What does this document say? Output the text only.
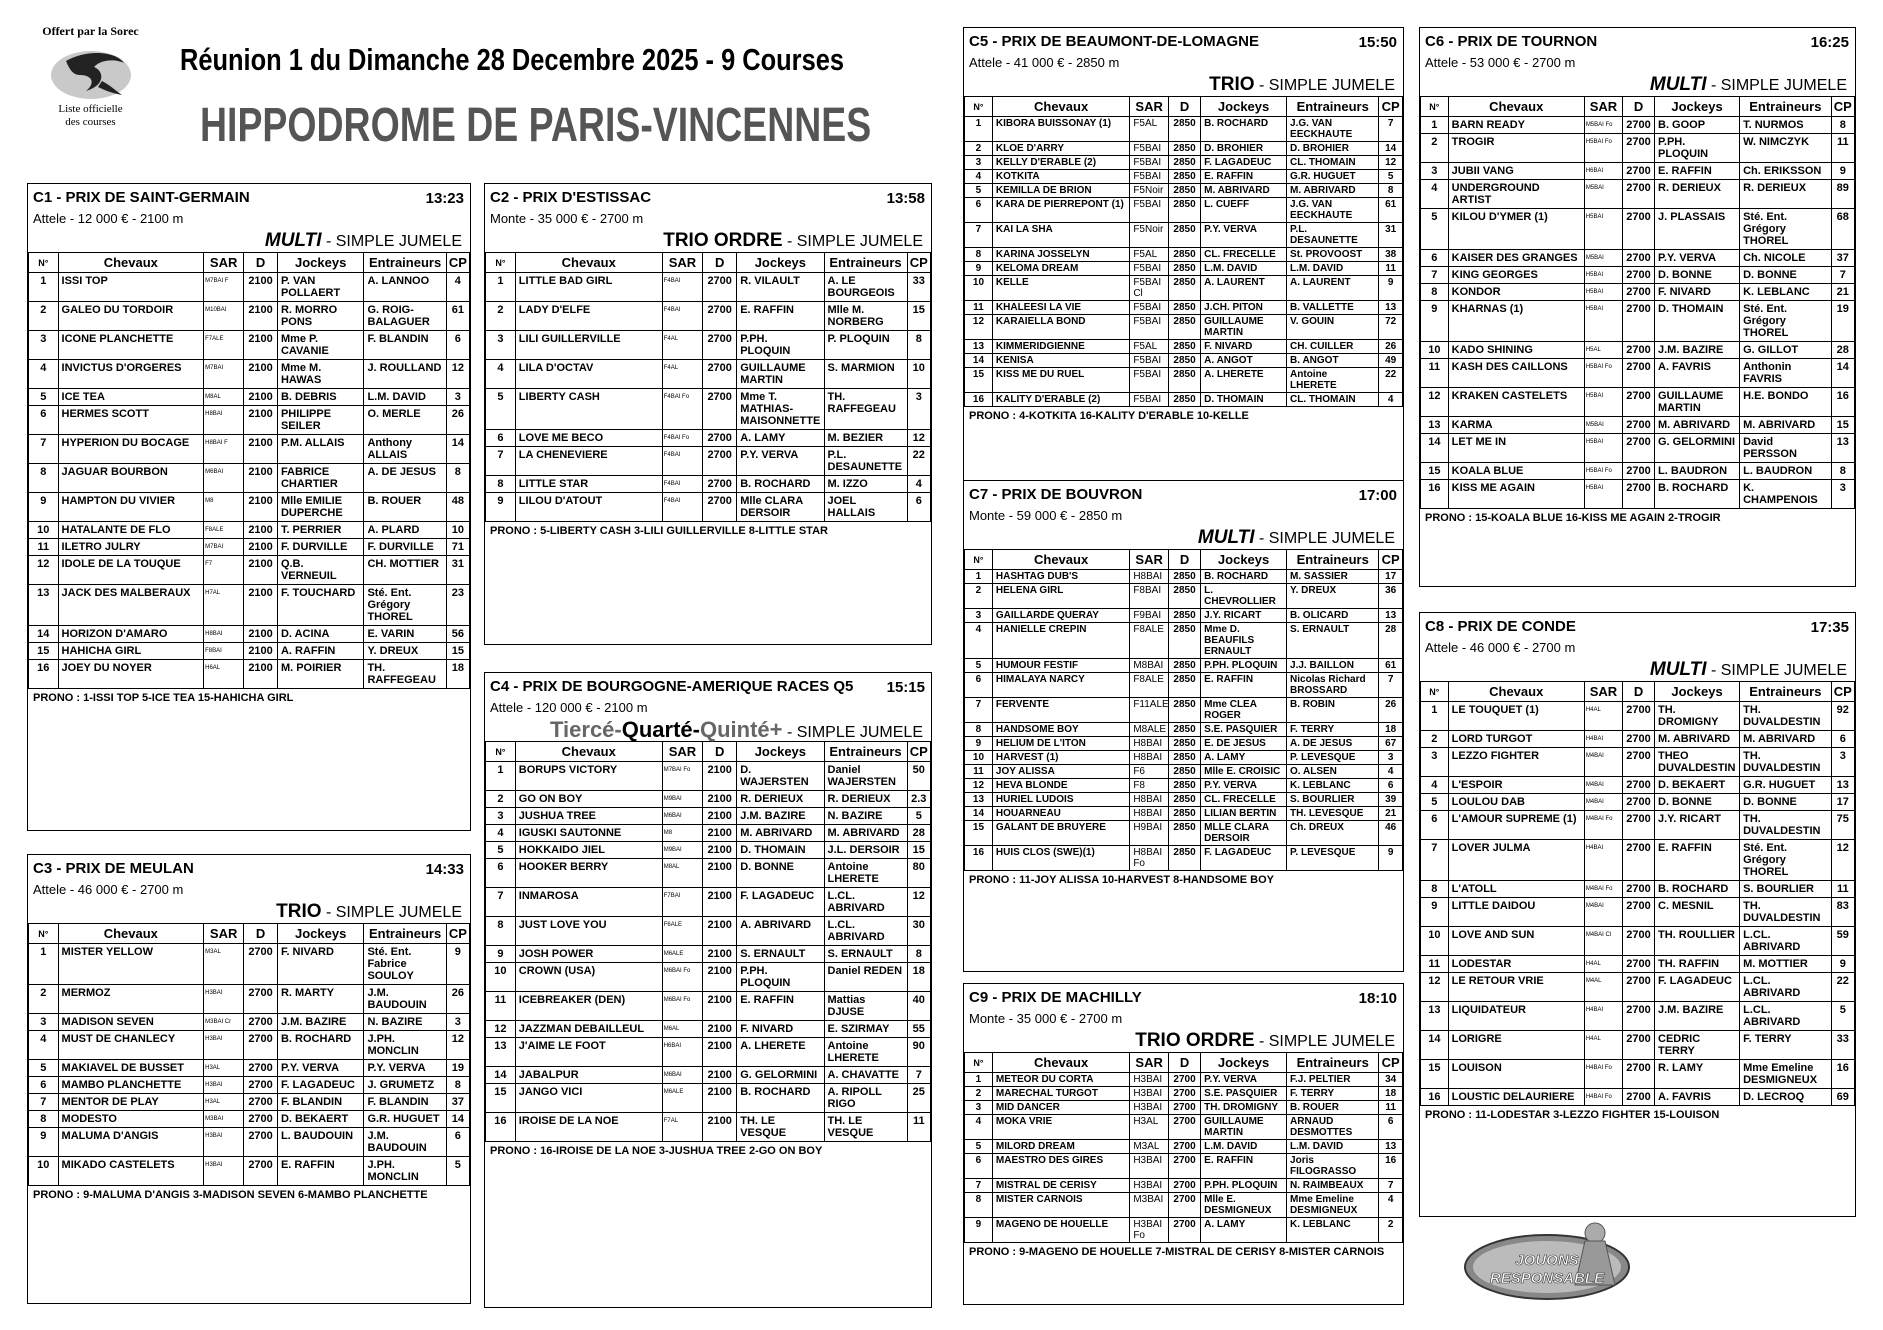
Offert par la Sorec
Liste officielle
des courses
Réunion 1 du Dimanche 28 Decembre 2025 - 9 Courses
HIPPODROME DE PARIS-VINCENNES
C1 - PRIX DE SAINT-GERMAIN	13:23
Attele - 12 000 € - 2100 m
MULTI - SIMPLE JUMELE
N°	Chevaux	SAR	D	Jockeys	Entraineurs	CP
1	ISSI TOP	M7BAI F	2100	P. VAN POLLAERT	A. LANNOO	4
2	GALEO DU TORDOIR	M10BAI	2100	R. MORRO PONS	G. ROIG-BALAGUER	61
3	ICONE PLANCHETTE	F7ALE	2100	Mme P. CAVANIE	F. BLANDIN	6
4	INVICTUS D'ORGERES	M7BAI	2100	Mme M. HAWAS	J. ROULLAND	12
5	ICE TEA	M8AL	2100	B. DEBRIS	L.M. DAVID	3
6	HERMES SCOTT	H8BAI	2100	PHILIPPE SEILER	O. MERLE	26
7	HYPERION DU BOCAGE	H8BAI F	2100	P.M. ALLAIS	Anthony ALLAIS	14
8	JAGUAR BOURBON	M6BAI	2100	FABRICE CHARTIER	A. DE JESUS	8
9	HAMPTON DU VIVIER	M8	2100	Mlle EMILIE DUPERCHE	B. ROUER	48
10	HATALANTE DE FLO	F8ALE	2100	T. PERRIER	A. PLARD	10
11	ILETRO JULRY	M7BAI	2100	F. DURVILLE	F. DURVILLE	71
12	IDOLE DE LA TOUQUE	F7	2100	Q.B. VERNEUIL	CH. MOTTIER	31
13	JACK DES MALBERAUX	H7AL	2100	F. TOUCHARD	Sté. Ent. Grégory THOREL	23
14	HORIZON D'AMARO	H8BAI	2100	D. ACINA	E. VARIN	56
15	HAHICHA GIRL	F8BAI	2100	A. RAFFIN	Y. DREUX	15
16	JOEY DU NOYER	H6AL	2100	M. POIRIER	TH. RAFFEGEAU	18
PRONO : 1-ISSI TOP 5-ICE TEA 15-HAHICHA GIRL
C2 - PRIX D'ESTISSAC	13:58
Monte - 35 000 € - 2700 m
TRIO ORDRE - SIMPLE JUMELE
N°	Chevaux	SAR	D	Jockeys	Entraineurs	CP
1	LITTLE BAD GIRL	F4BAI	2700	R. VILAULT	A. LE BOURGEOIS	33
2	LADY D'ELFE	F4BAI	2700	E. RAFFIN	Mlle M. NORBERG	15
3	LILI GUILLERVILLE	F4AL	2700	P.PH. PLOQUIN	P. PLOQUIN	8
4	LILA D'OCTAV	F4AL	2700	GUILLAUME MARTIN	S. MARMION	10
5	LIBERTY CASH	F4BAI Fo	2700	Mme T. MATHIAS-MAISONNETTE	TH. RAFFEGEAU	3
6	LOVE ME BECO	F4BAI Fo	2700	A. LAMY	M. BEZIER	12
7	LA CHENEVIERE	F4BAI	2700	P.Y. VERVA	P.L. DESAUNETTE	22
8	LITTLE STAR	F4BAI	2700	B. ROCHARD	M. IZZO	4
9	LILOU D'ATOUT	F4BAI	2700	Mlle CLARA DERSOIR	JOEL HALLAIS	6
PRONO : 5-LIBERTY CASH 3-LILI GUILLERVILLE 8-LITTLE STAR
C3 - PRIX DE MEULAN	14:33
Attele - 46 000 € - 2700 m
TRIO - SIMPLE JUMELE
N°	Chevaux	SAR	D	Jockeys	Entraineurs	CP
1	MISTER YELLOW	M3AL	2700	F. NIVARD	Sté. Ent. Fabrice SOULOY	9
2	MERMOZ	H3BAI	2700	R. MARTY	J.M. BAUDOUIN	26
3	MADISON SEVEN	M3BAI Cr	2700	J.M. BAZIRE	N. BAZIRE	3
4	MUST DE CHANLECY	H3BAI	2700	B. ROCHARD	J.PH. MONCLIN	12
5	MAKIAVEL DE BUSSET	H3AL	2700	P.Y. VERVA	P.Y. VERVA	19
6	MAMBO PLANCHETTE	H3BAI	2700	F. LAGADEUC	J. GRUMETZ	8
7	MENTOR DE PLAY	H3AL	2700	F. BLANDIN	F. BLANDIN	37
8	MODESTO	M3BAI	2700	D. BEKAERT	G.R. HUGUET	14
9	MALUMA D'ANGIS	H3BAI	2700	L. BAUDOUIN	J.M. BAUDOUIN	6
10	MIKADO CASTELETS	H3BAI	2700	E. RAFFIN	J.PH. MONCLIN	5
PRONO : 9-MALUMA D'ANGIS 3-MADISON SEVEN 6-MAMBO PLANCHETTE
C4 - PRIX DE BOURGOGNE-AMERIQUE RACES Q5 15:15
Attele - 120 000 € - 2100 m
Tiercé-Quarté-Quinté+ - SIMPLE JUMELE
N°	Chevaux	SAR	D	Jockeys	Entraineurs	CP
1	BORUPS VICTORY	M7BAI Fo	2100	D. WAJERSTEN	Daniel WAJERSTEN	50
2	GO ON BOY	M9BAI	2100	R. DERIEUX	R. DERIEUX	2.3
3	JUSHUA TREE	M6BAI	2100	J.M. BAZIRE	N. BAZIRE	5
4	IGUSKI SAUTONNE	M8	2100	M. ABRIVARD	M. ABRIVARD	28
5	HOKKAIDO JIEL	M9BAI	2100	D. THOMAIN	J.L. DERSOIR	15
6	HOOKER BERRY	M8AL	2100	D. BONNE	Antoine LHERETE	80
7	INMAROSA	F7BAI	2100	F. LAGADEUC	L.CL. ABRIVARD	12
8	JUST LOVE YOU	F6ALE	2100	A. ABRIVARD	L.CL. ABRIVARD	30
9	JOSH POWER	M6ALE	2100	S. ERNAULT	S. ERNAULT	8
10	CROWN (USA)	M6BAI Fo	2100	P.PH. PLOQUIN	Daniel REDEN	18
11	ICEBREAKER (DEN)	M6BAI Fo	2100	E. RAFFIN	Mattias DJUSE	40
12	JAZZMAN DEBAILLEUL	M6AL	2100	F. NIVARD	E. SZIRMAY	55
13	J'AIME LE FOOT	H6BAI	2100	A. LHERETE	Antoine LHERETE	90
14	JABALPUR	M6BAI	2100	G. GELORMINI	A. CHAVATTE	7
15	JANGO VICI	M6ALE	2100	B. ROCHARD	A. RIPOLL RIGO	25
16	IROISE DE LA NOE	F7AL	2100	TH. LE VESQUE	TH. LE VESQUE	11
PRONO : 16-IROISE DE LA NOE 3-JUSHUA TREE 2-GO ON BOY
C5 - PRIX DE BEAUMONT-DE-LOMAGNE	15:50
Attele - 41 000 € - 2850 m
TRIO - SIMPLE JUMELE
N°	Chevaux	SAR	D	Jockeys	Entraineurs	CP
1	KIBORA BUISSONAY (1)	F5AL	2850	B. ROCHARD	J.G. VAN EECKHAUTE	7
2	KLOE D'ARRY	F5BAI	2850	D. BROHIER	D. BROHIER	14
3	KELLY D'ERABLE (2)	F5BAI	2850	F. LAGADEUC	CL. THOMAIN	12
4	KOTKITA	F5BAI	2850	E. RAFFIN	G.R. HUGUET	5
5	KEMILLA DE BRION	F5Noir	2850	M. ABRIVARD	M. ABRIVARD	8
6	KARA DE PIERREPONT (1)	F5BAI	2850	L. CUEFF	J.G. VAN EECKHAUTE	61
7	KAI LA SHA	F5Noir	2850	P.Y. VERVA	P.L. DESAUNETTE	31
8	KARINA JOSSELYN	F5AL	2850	CL. FRECELLE	St. PROVOOST	38
9	KELOMA DREAM	F5BAI	2850	L.M. DAVID	L.M. DAVID	11
10	KELLE	F5BAI Cl	2850	A. LAURENT	A. LAURENT	9
11	KHALEESI LA VIE	F5BAI	2850	J.CH. PITON	B. VALLETTE	13
12	KARAIELLA BOND	F5BAI	2850	GUILLAUME MARTIN	V. GOUIN	72
13	KIMMERIDGIENNE	F5AL	2850	F. NIVARD	CH. CUILLER	26
14	KENISA	F5BAI	2850	A. ANGOT	B. ANGOT	49
15	KISS ME DU RUEL	F5BAI	2850	A. LHERETE	Antoine LHERETE	22
16	KALITY D'ERABLE (2)	F5BAI	2850	D. THOMAIN	CL. THOMAIN	4
PRONO : 4-KOTKITA 16-KALITY D'ERABLE 10-KELLE
C6 - PRIX DE TOURNON	16:25
Attele - 53 000 € - 2700 m
MULTI - SIMPLE JUMELE
N°	Chevaux	SAR	D	Jockeys	Entraineurs	CP
1	BARN READY	M5BAI Fo	2700	B. GOOP	T. NURMOS	8
2	TROGIR	H5BAI Fo	2700	P.PH. PLOQUIN	W. NIMCZYK	11
3	JUBII VANG	H6BAI	2700	E. RAFFIN	Ch. ERIKSSON	9
4	UNDERGROUND ARTIST	M5BAI	2700	R. DERIEUX	R. DERIEUX	89
5	KILOU D'YMER (1)	H5BAI	2700	J. PLASSAIS	Sté. Ent. Grégory THOREL	68
6	KAISER DES GRANGES	M5BAI	2700	P.Y. VERVA	Ch. NICOLE	37
7	KING GEORGES	H5BAI	2700	D. BONNE	D. BONNE	7
8	KONDOR	H5BAI	2700	F. NIVARD	K. LEBLANC	21
9	KHARNAS (1)	H5BAI	2700	D. THOMAIN	Sté. Ent. Grégory THOREL	19
10	KADO SHINING	H5AL	2700	J.M. BAZIRE	G. GILLOT	28
11	KASH DES CAILLONS	H5BAI Fo	2700	A. FAVRIS	Anthonin FAVRIS	14
12	KRAKEN CASTELETS	H5BAI	2700	GUILLAUME MARTIN	H.E. BONDO	16
13	KARMA	M5BAI	2700	M. ABRIVARD	M. ABRIVARD	15
14	LET ME IN	H5BAI	2700	G. GELORMINI	David PERSSON	13
15	KOALA BLUE	H5BAI Fo	2700	L. BAUDRON	L. BAUDRON	8
16	KISS ME AGAIN	H5BAI	2700	B. ROCHARD	K. CHAMPENOIS	3
PRONO : 15-KOALA BLUE 16-KISS ME AGAIN 2-TROGIR
C7 - PRIX DE BOUVRON	17:00
Monte - 59 000 € - 2850 m
MULTI - SIMPLE JUMELE
N°	Chevaux	SAR	D	Jockeys	Entraineurs	CP
1	HASHTAG DUB'S	H8BAI	2850	B. ROCHARD	M. SASSIER	17
2	HELENA GIRL	F8BAI	2850	L. CHEVROLLIER	Y. DREUX	36
3	GAILLARDE QUERAY	F9BAI	2850	J.Y. RICART	B. OLICARD	13
4	HANIELLE CREPIN	F8ALE	2850	Mme D. BEAUFILS ERNAULT	S. ERNAULT	28
5	HUMOUR FESTIF	M8BAI	2850	P.PH. PLOQUIN	J.J. BAILLON	61
6	HIMALAYA NARCY	F8ALE	2850	E. RAFFIN	Nicolas Richard BROSSARD	7
7	FERVENTE	F11ALE	2850	Mme CLEA ROGER	B. ROBIN	26
8	HANDSOME BOY	M8ALE	2850	S.E. PASQUIER	F. TERRY	18
9	HELIUM DE L'ITON	H8BAI	2850	E. DE JESUS	A. DE JESUS	67
10	HARVEST (1)	H8BAI	2850	A. LAMY	P. LEVESQUE	3
11	JOY ALISSA	F6	2850	Mlle E. CROISIC	O. ALSEN	4
12	HEVA BLONDE	F8	2850	P.Y. VERVA	K. LEBLANC	6
13	HURIEL LUDOIS	H8BAI	2850	CL. FRECELLE	S. BOURLIER	39
14	HOUARNEAU	H8BAI	2850	LILIAN BERTIN	TH. LEVESQUE	21
15	GALANT DE BRUYERE	H9BAI	2850	MLLE CLARA DERSOIR	Ch. DREUX	46
16	HUIS CLOS (SWE)(1)	H8BAI Fo	2850	F. LAGADEUC	P. LEVESQUE	9
PRONO : 11-JOY ALISSA 10-HARVEST 8-HANDSOME BOY
C8 - PRIX DE CONDE	17:35
Attele - 46 000 € - 2700 m
MULTI - SIMPLE JUMELE
N°	Chevaux	SAR	D	Jockeys	Entraineurs	CP
1	LE TOUQUET (1)	H4AL	2700	TH. DROMIGNY	TH. DUVALDESTIN	92
2	LORD TURGOT	H4BAI	2700	M. ABRIVARD	M. ABRIVARD	6
3	LEZZO FIGHTER	M4BAI	2700	THEO DUVALDESTIN	TH. DUVALDESTIN	3
4	L'ESPOIR	M4BAI	2700	D. BEKAERT	G.R. HUGUET	13
5	LOULOU DAB	M4BAI	2700	D. BONNE	D. BONNE	17
6	L'AMOUR SUPREME (1)	M4BAI Fo	2700	J.Y. RICART	TH. DUVALDESTIN	75
7	LOVER JULMA	H4BAI	2700	E. RAFFIN	Sté. Ent. Grégory THOREL	12
8	L'ATOLL	M4BAI Fo	2700	B. ROCHARD	S. BOURLIER	11
9	LITTLE DAIDOU	M4BAI	2700	C. MESNIL	TH. DUVALDESTIN	83
10	LOVE AND SUN	M4BAI Cl	2700	TH. ROULLIER	L.CL. ABRIVARD	59
11	LODESTAR	H4AL	2700	TH. RAFFIN	M. MOTTIER	9
12	LE RETOUR VRIE	M4AL	2700	F. LAGADEUC	L.CL. ABRIVARD	22
13	LIQUIDATEUR	H4BAI	2700	J.M. BAZIRE	L.CL. ABRIVARD	5
14	LORIGRE	H4AL	2700	CEDRIC TERRY	F. TERRY	33
15	LOUISON	H4BAI Fo	2700	R. LAMY	Mme Emeline DESMIGNEUX	16
16	LOUSTIC DELAURIERE	H4BAI Fo	2700	A. FAVRIS	D. LECROQ	69
PRONO : 11-LODESTAR 3-LEZZO FIGHTER 15-LOUISON
C9 - PRIX DE MACHILLY	18:10
Monte - 35 000 € - 2700 m
TRIO ORDRE - SIMPLE JUMELE
N°	Chevaux	SAR	D	Jockeys	Entraineurs	CP
1	METEOR DU CORTA	H3BAI	2700	P.Y. VERVA	F.J. PELTIER	34
2	MARECHAL TURGOT	H3BAI	2700	S.E. PASQUIER	F. TERRY	18
3	MID DANCER	H3BAI	2700	TH. DROMIGNY	B. ROUER	11
4	MOKA VRIE	H3AL	2700	GUILLAUME MARTIN	ARNAUD DESMOTTES	6
5	MILORD DREAM	M3AL	2700	L.M. DAVID	L.M. DAVID	13
6	MAESTRO DES GIRES	H3BAI	2700	E. RAFFIN	Joris FILOGRASSO	16
7	MISTRAL DE CERISY	H3BAI	2700	P.PH. PLOQUIN	N. RAIMBEAUX	7
8	MISTER CARNOIS	M3BAI	2700	Mlle E. DESMIGNEUX	Mme Emeline DESMIGNEUX	4
9	MAGENO DE HOUELLE	H3BAI Fo	2700	A. LAMY	K. LEBLANC	2
PRONO : 9-MAGENO DE HOUELLE 7-MISTRAL DE CERISY 8-MISTER CARNOIS	JOUONS
RESPONSABLE
